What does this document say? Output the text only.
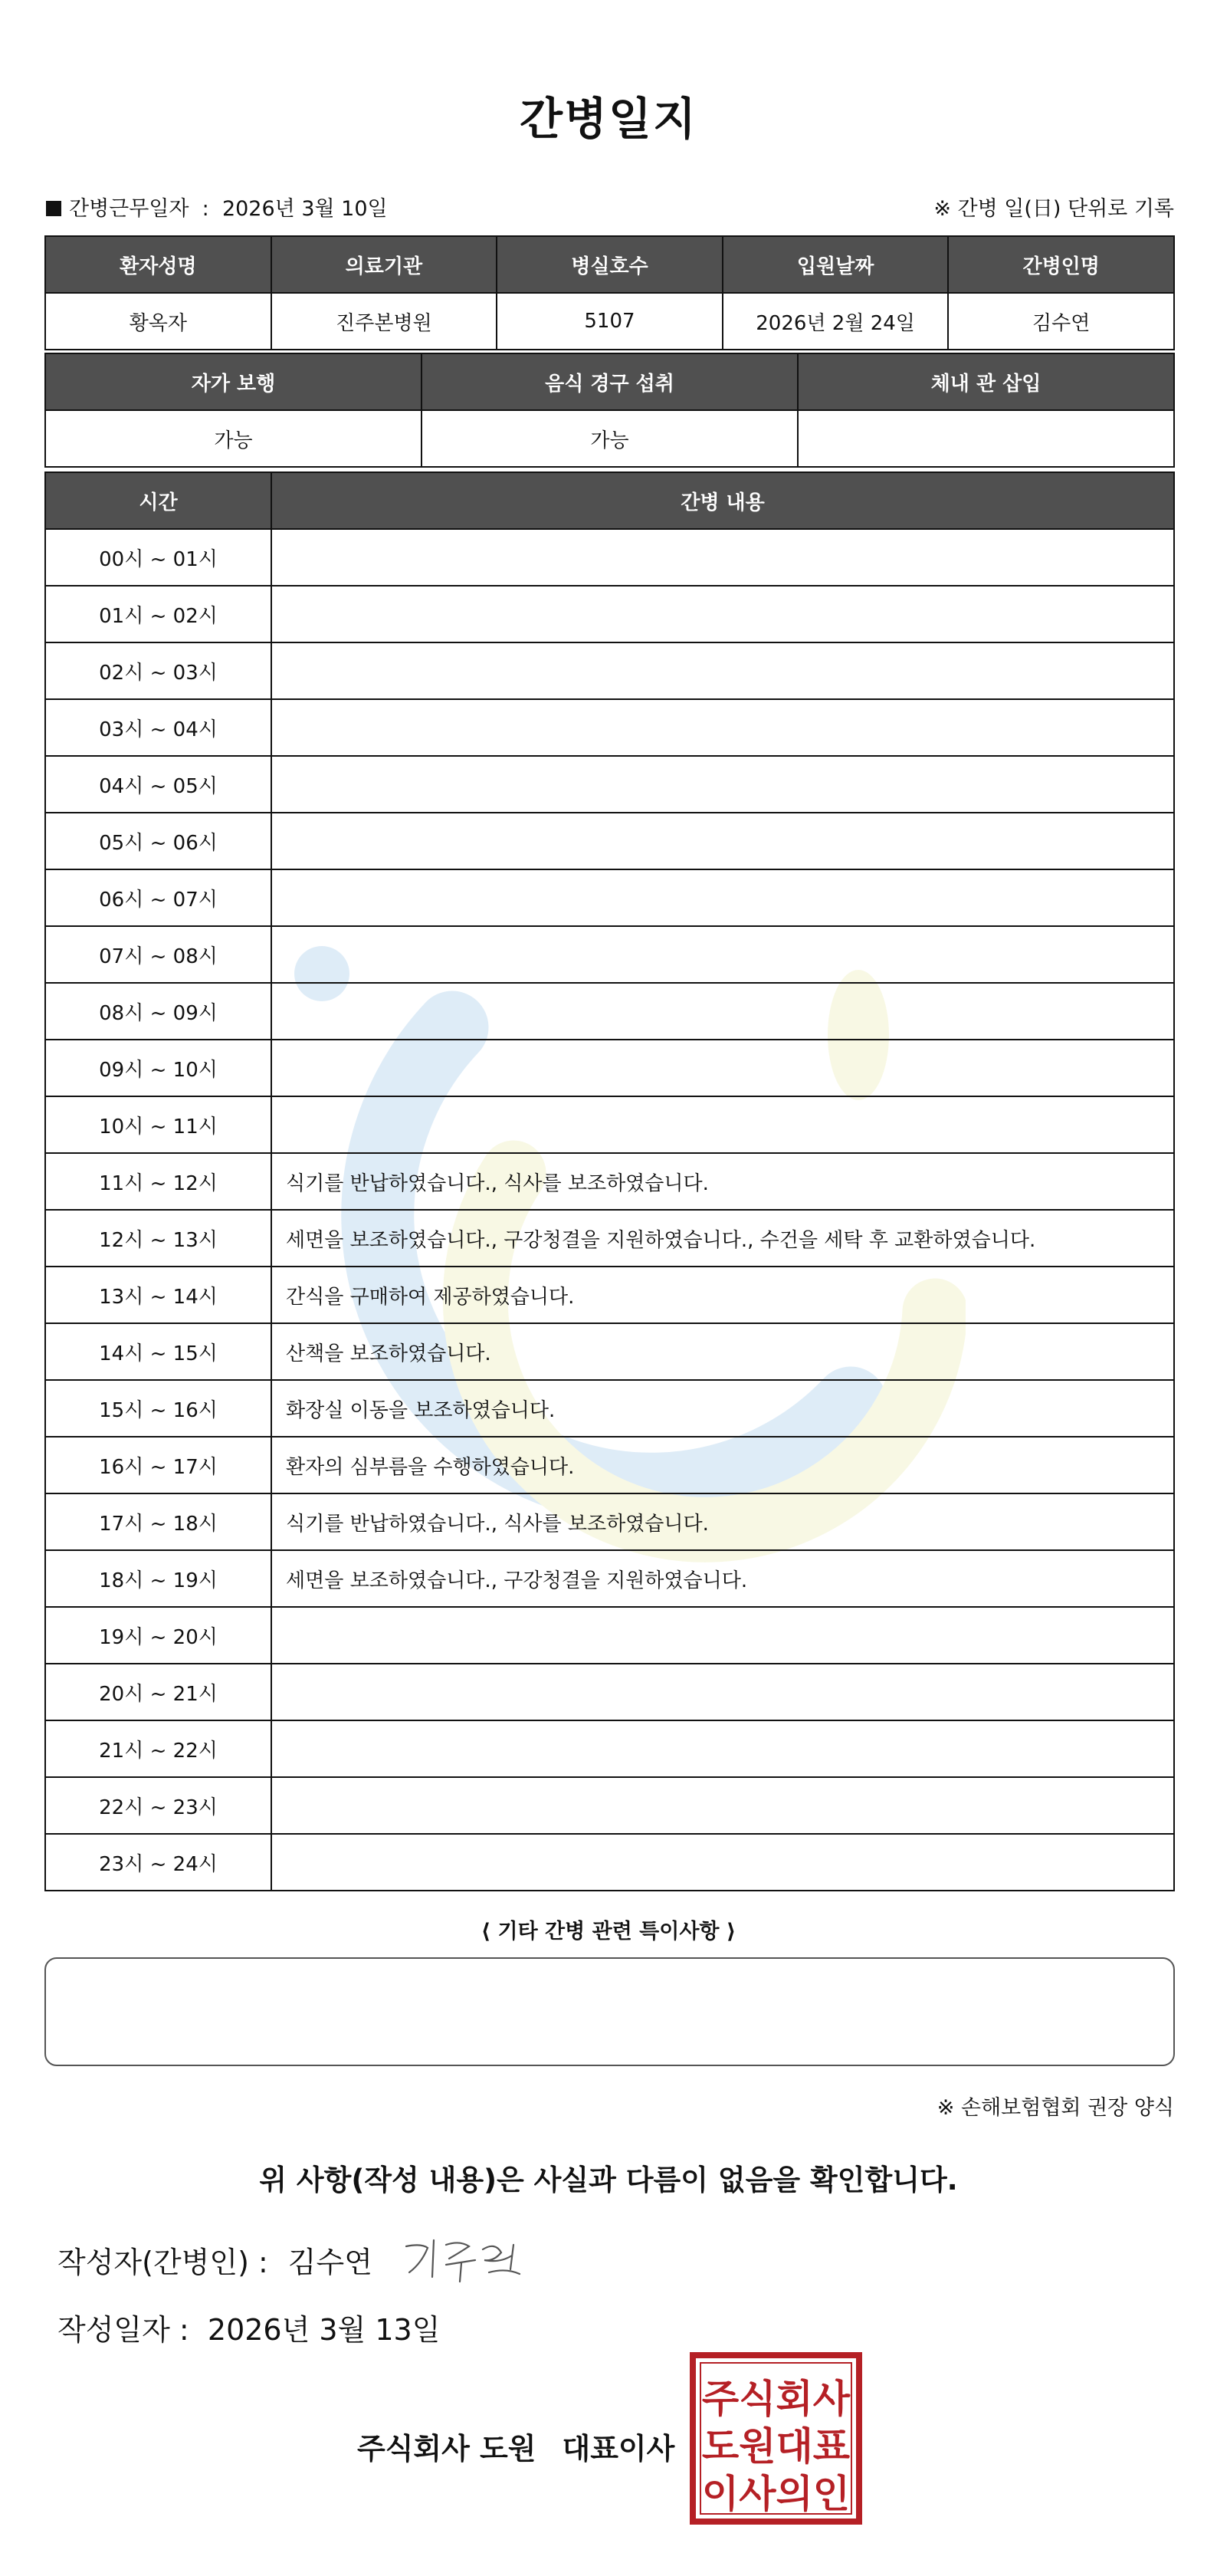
간병일지
간병근무일자  :  2026년 3월 10일	※ 간병 일(日) 단위로 기록
환자성명	의료기관	병실호수	입원날짜	간병인명
황옥자	진주본병원	5107	2026년 2월 24일	김수연
자가 보행	음식 경구 섭취	체내 관 삽입
가능	가능	
시간	간병 내용
00시 ~ 01시	
01시 ~ 02시	
02시 ~ 03시	
03시 ~ 04시	
04시 ~ 05시	
05시 ~ 06시	
06시 ~ 07시	
07시 ~ 08시	
08시 ~ 09시	
09시 ~ 10시	
10시 ~ 11시	
11시 ~ 12시	식기를 반납하였습니다., 식사를 보조하였습니다.
12시 ~ 13시	세면을 보조하였습니다., 구강청결을 지원하였습니다., 수건을 세탁 후 교환하였습니다.
13시 ~ 14시	간식을 구매하여 제공하였습니다.
14시 ~ 15시	산책을 보조하였습니다.
15시 ~ 16시	화장실 이동을 보조하였습니다.
16시 ~ 17시	환자의 심부름을 수행하였습니다.
17시 ~ 18시	식기를 반납하였습니다., 식사를 보조하였습니다.
18시 ~ 19시	세면을 보조하였습니다., 구강청결을 지원하였습니다.
19시 ~ 20시	
20시 ~ 21시	
21시 ~ 22시	
22시 ~ 23시	
23시 ~ 24시	
⟨ 기타 간병 관련 특이사항 ⟩
※ 손해보험협회 권장 양식
위 사항(작성 내용)은 사실과 다름이 없음을 확인합니다.
작성자(간병인) : 김수연
작성일자 : 2026년 3월 13일
주식회사 도원 대표이사
주식회사
도원대표
이사의인
